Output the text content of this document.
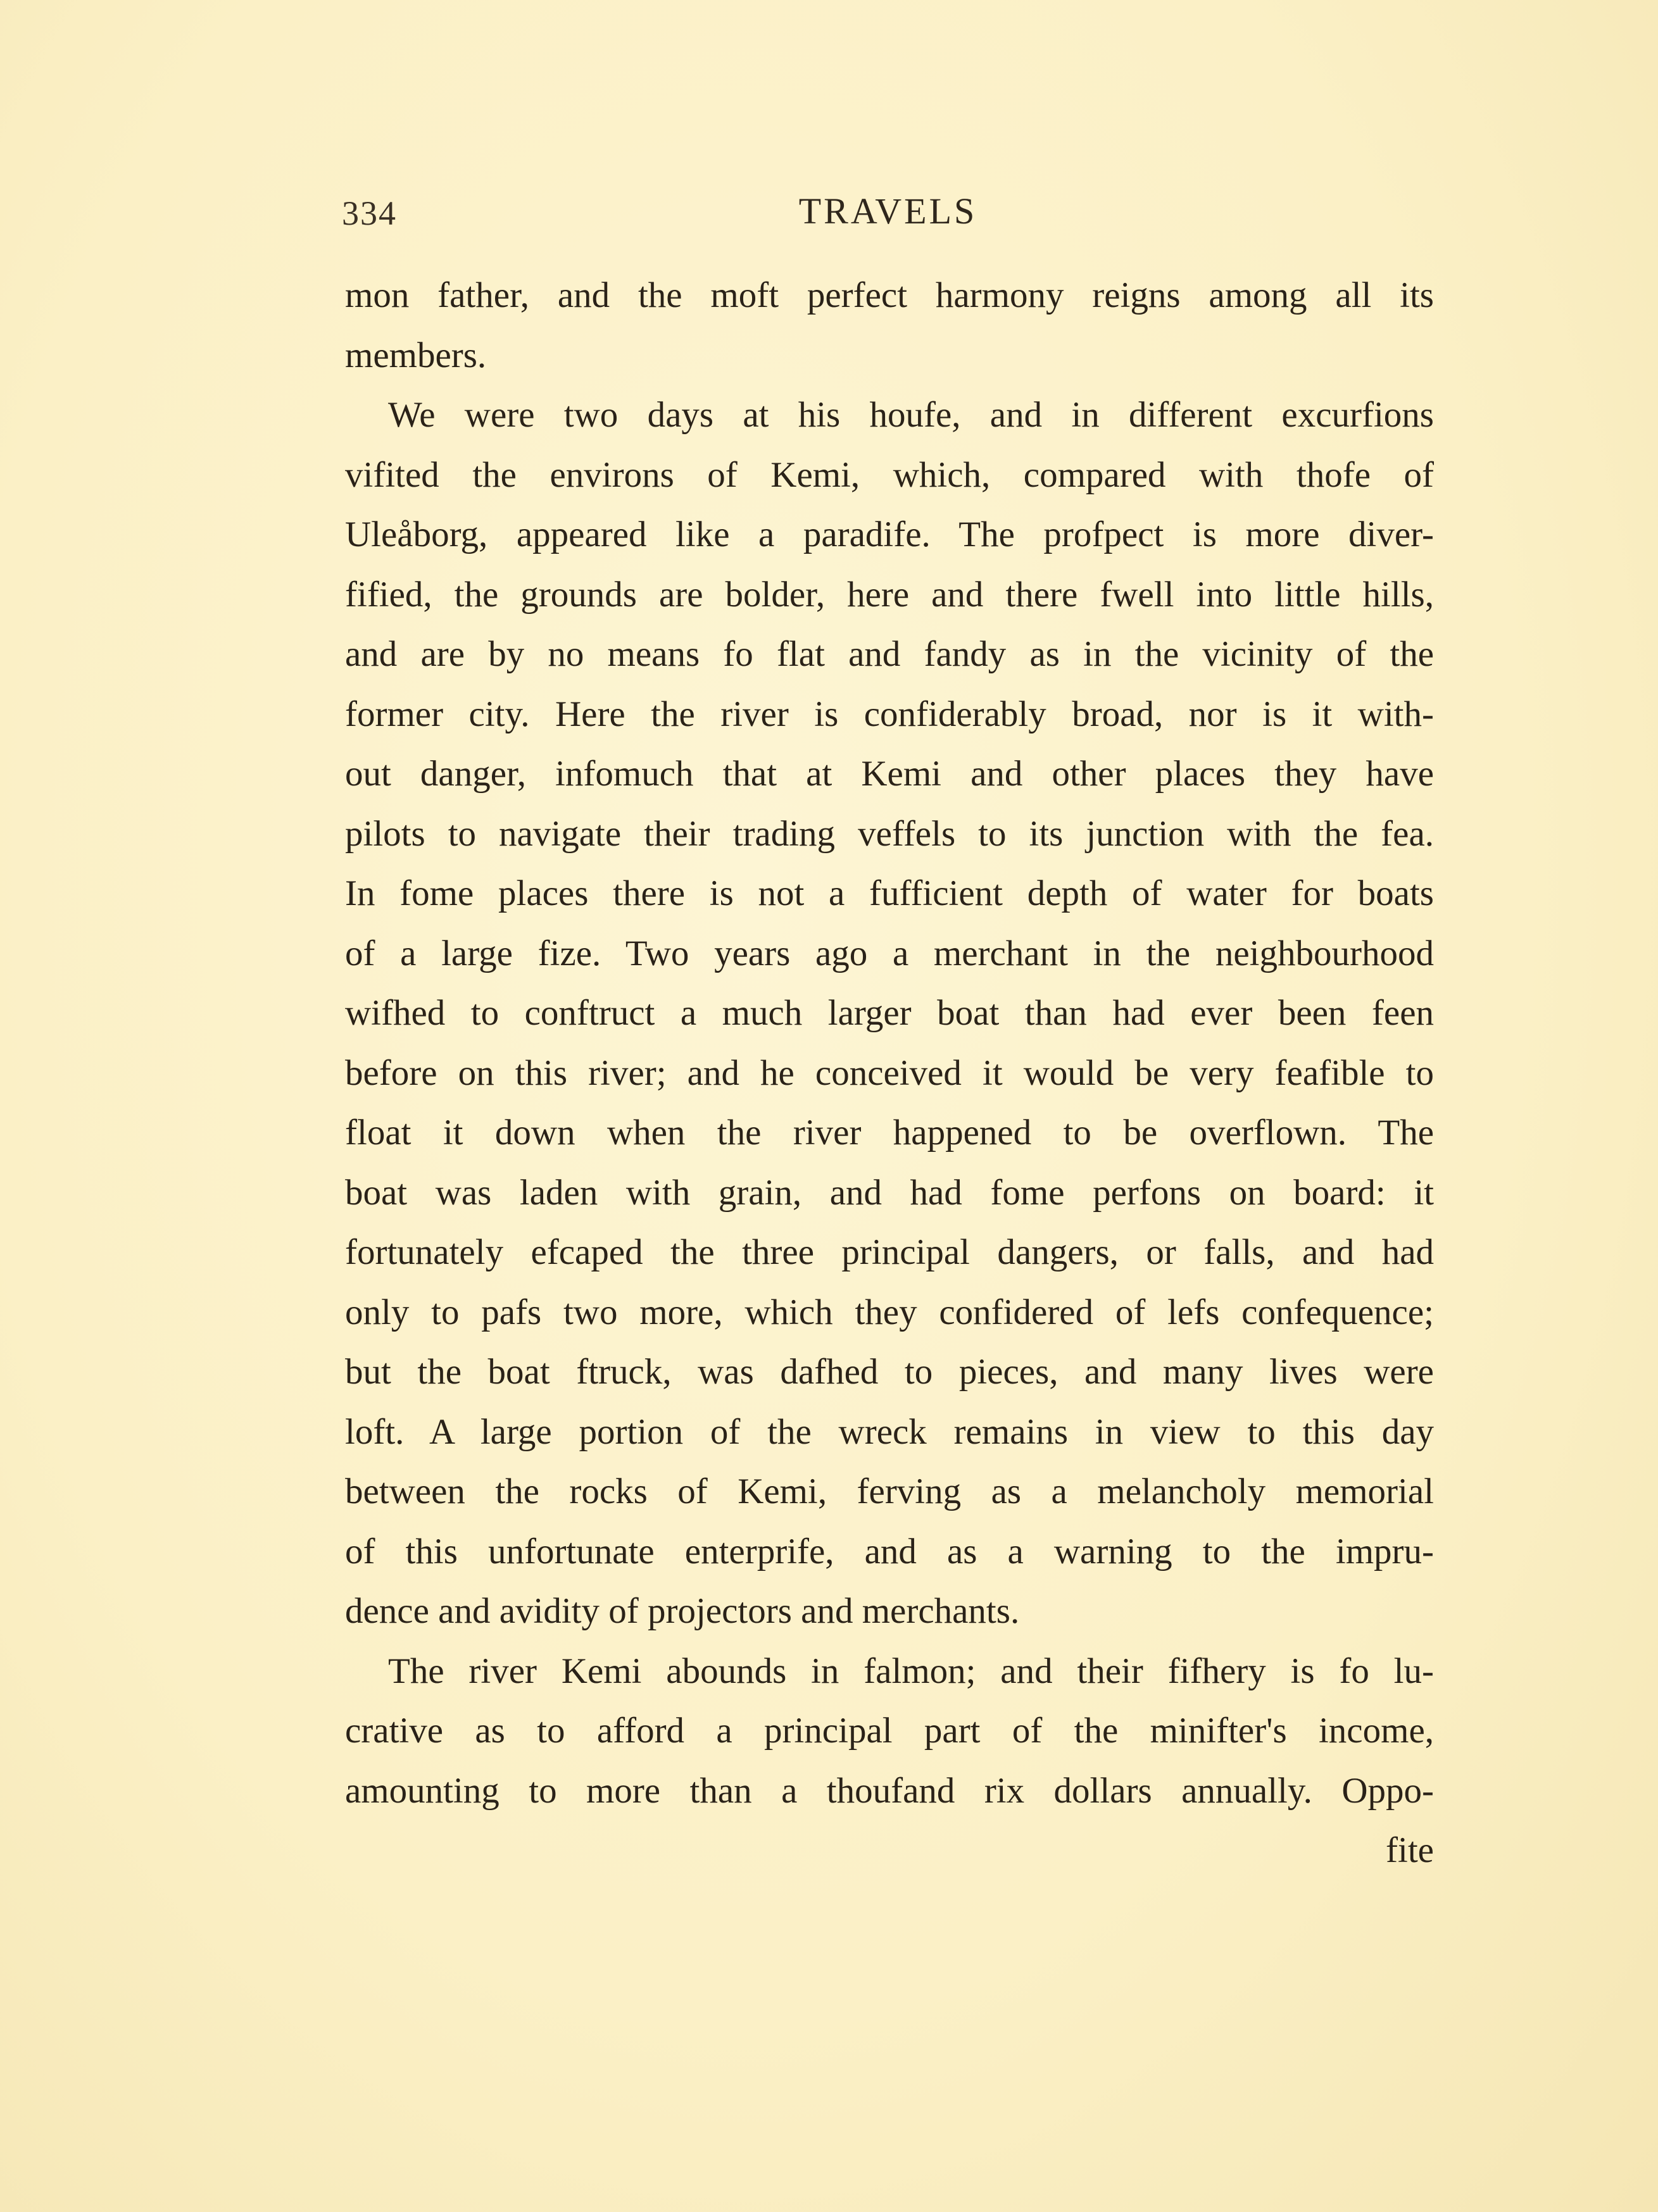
334	TRAVELS
mon father, and the moft perfect harmony reigns among all its
members.
We were two days at his houfe, and in different excurfions
vifited the environs of Kemi, which, compared with thofe of
Uleåborg, appeared like a paradife. The profpect is more diver-
fified, the grounds are bolder, here and there fwell into little hills,
and are by no means fo flat and fandy as in the vicinity of the
former city. Here the river is confiderably broad, nor is it with-
out danger, infomuch that at Kemi and other places they have
pilots to navigate their trading veffels to its junction with the fea.
In fome places there is not a fufficient depth of water for boats
of a large fize. Two years ago a merchant in the neighbourhood
wifhed to conftruct a much larger boat than had ever been feen
before on this river; and he conceived it would be very feafible to
float it down when the river happened to be overflown. The
boat was laden with grain, and had fome perfons on board: it
fortunately efcaped the three principal dangers, or falls, and had
only to pafs two more, which they confidered of lefs confequence;
but the boat ftruck, was dafhed to pieces, and many lives were
loft. A large portion of the wreck remains in view to this day
between the rocks of Kemi, ferving as a melancholy memorial
of this unfortunate enterprife, and as a warning to the impru-
dence and avidity of projectors and merchants.
The river Kemi abounds in falmon; and their fifhery is fo lu-
crative as to afford a principal part of the minifter's income,
amounting to more than a thoufand rix dollars annually. Oppo-
fite
